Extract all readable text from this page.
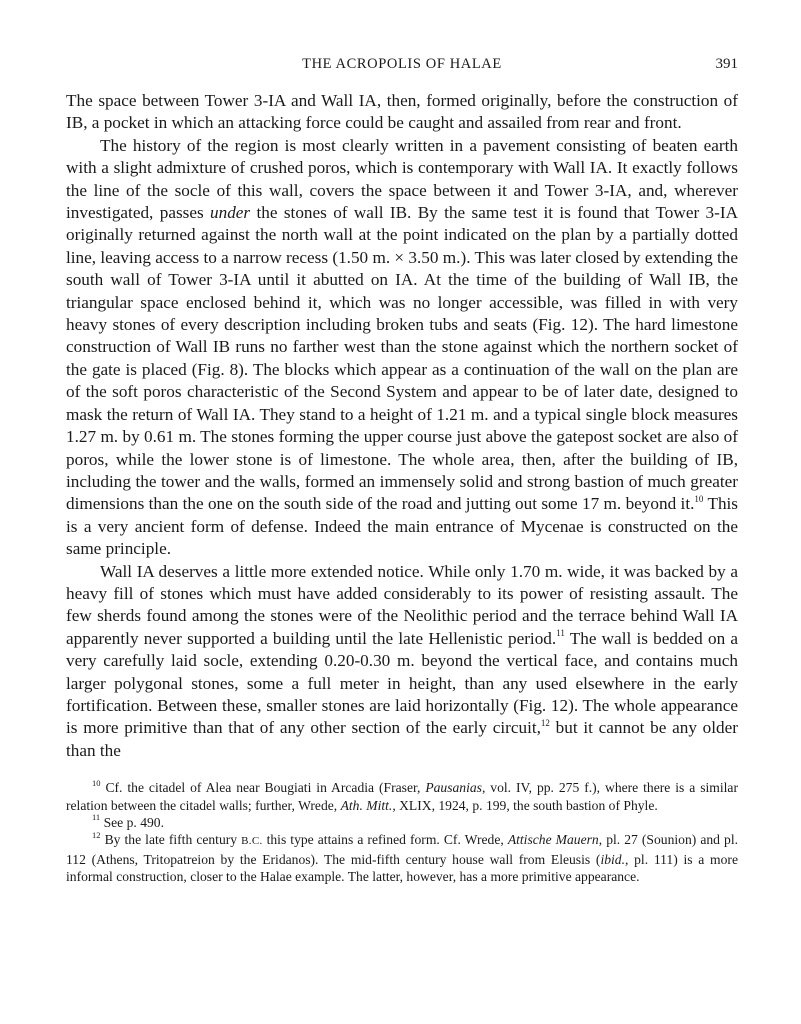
THE ACROPOLIS OF HALAE	391

The space between Tower 3-IA and Wall IA, then, formed originally, before the construction of IB, a pocket in which an attacking force could be caught and assailed from rear and front.

The history of the region is most clearly written in a pavement consisting of beaten earth with a slight admixture of crushed poros, which is contemporary with Wall IA. It exactly follows the line of the socle of this wall, covers the space between it and Tower 3-IA, and, wherever investigated, passes under the stones of wall IB. By the same test it is found that Tower 3-IA originally returned against the north wall at the point indicated on the plan by a partially dotted line, leaving access to a narrow recess (1.50 m. × 3.50 m.). This was later closed by extending the south wall of Tower 3-IA until it abutted on IA. At the time of the building of Wall IB, the triangular space enclosed behind it, which was no longer accessible, was filled in with very heavy stones of every description including broken tubs and seats (Fig. 12). The hard limestone construction of Wall IB runs no farther west than the stone against which the northern socket of the gate is placed (Fig. 8). The blocks which appear as a continuation of the wall on the plan are of the soft poros characteristic of the Second System and appear to be of later date, designed to mask the return of Wall IA. They stand to a height of 1.21 m. and a typical single block measures 1.27 m. by 0.61 m. The stones forming the upper course just above the gatepost socket are also of poros, while the lower stone is of limestone. The whole area, then, after the building of IB, including the tower and the walls, formed an immensely solid and strong bastion of much greater dimensions than the one on the south side of the road and jutting out some 17 m. beyond it.$^{10}$ This is a very ancient form of defense. Indeed the main entrance of Mycenae is constructed on the same principle.

Wall IA deserves a little more extended notice. While only 1.70 m. wide, it was backed by a heavy fill of stones which must have added considerably to its power of resisting assault. The few sherds found among the stones were of the Neolithic period and the terrace behind Wall IA apparently never supported a building until the late Hellenistic period.$^{11}$ The wall is bedded on a very carefully laid socle, extending 0.20-0.30 m. beyond the vertical face, and contains much larger polygonal stones, some a full meter in height, than any used elsewhere in the early fortification. Between these, smaller stones are laid horizontally (Fig. 12). The whole appearance is more primitive than that of any other section of the early circuit,$^{12}$ but it cannot be any older than the

$^{10}$ Cf. the citadel of Alea near Bougiati in Arcadia (Fraser, Pausanias, vol. IV, pp. 275 f.), where there is a similar relation between the citadel walls; further, Wrede, Ath. Mitt., XLIX, 1924, p. 199, the south bastion of Phyle.

$^{11}$ See p. 490.

$^{12}$ By the late fifth century B.C. this type attains a refined form. Cf. Wrede, Attische Mauern, pl. 27 (Sounion) and pl. 112 (Athens, Tritopatreion by the Eridanos). The mid-fifth century house wall from Eleusis (ibid., pl. 111) is a more informal construction, closer to the Halae example. The latter, however, has a more primitive appearance.
